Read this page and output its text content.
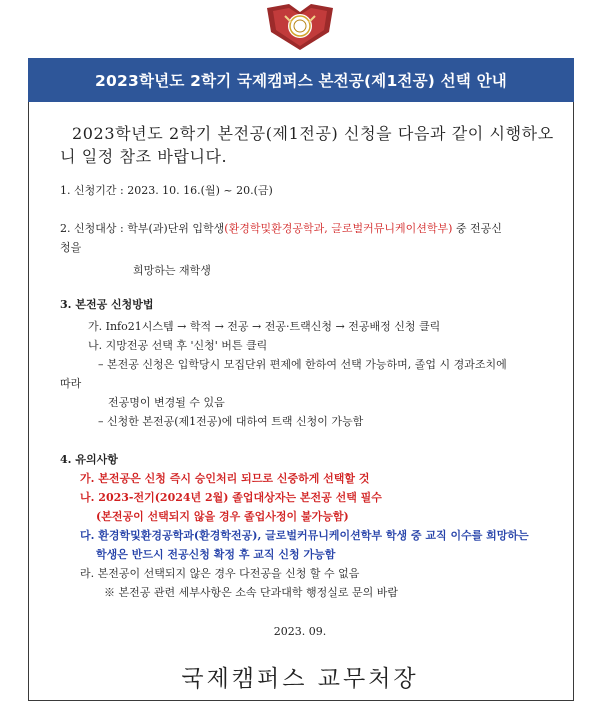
2023학년도 2학기 국제캠퍼스 본전공(제1전공) 선택 안내
2023학년도 2학기 본전공(제1전공) 신청을 다음과 같이 시행하오
니 일정 참조 바랍니다.
1. 신청기간 : 2023. 10. 16.(월) ~ 20.(금)
2. 신청대상 : 학부(과)단위 입학생(환경학및환경공학과, 글로벌커뮤니케이션학부) 중 전공신
청을
희망하는 재학생
3. 본전공 신청방법
가. Info21시스템 → 학적 → 전공 → 전공·트랙신청 → 전공배정 신청 클릭
나. 지망전공 선택 후 '신청' 버튼 클릭
– 본전공 신청은 입학당시 모집단위 편제에 한하여 선택 가능하며, 졸업 시 경과조치에
따라
전공명이 변경될 수 있음
– 신청한 본전공(제1전공)에 대하여 트랙 신청이 가능함
4. 유의사항
가. 본전공은 신청 즉시 승인처리 되므로 신중하게 선택할 것
나. 2023-전기(2024년 2월) 졸업대상자는 본전공 선택 필수
(본전공이 선택되지 않을 경우 졸업사정이 불가능함)
다. 환경학및환경공학과(환경학전공), 글로벌커뮤니케이션학부 학생 중 교직 이수를 희망하는
학생은 반드시 전공신청 확정 후 교직 신청 가능함
라. 본전공이 선택되지 않은 경우 다전공을 신청 할 수 없음
※ 본전공 관련 세부사항은 소속 단과대학 행정실로 문의 바람
2023. 09.
국제캠퍼스 교무처장
